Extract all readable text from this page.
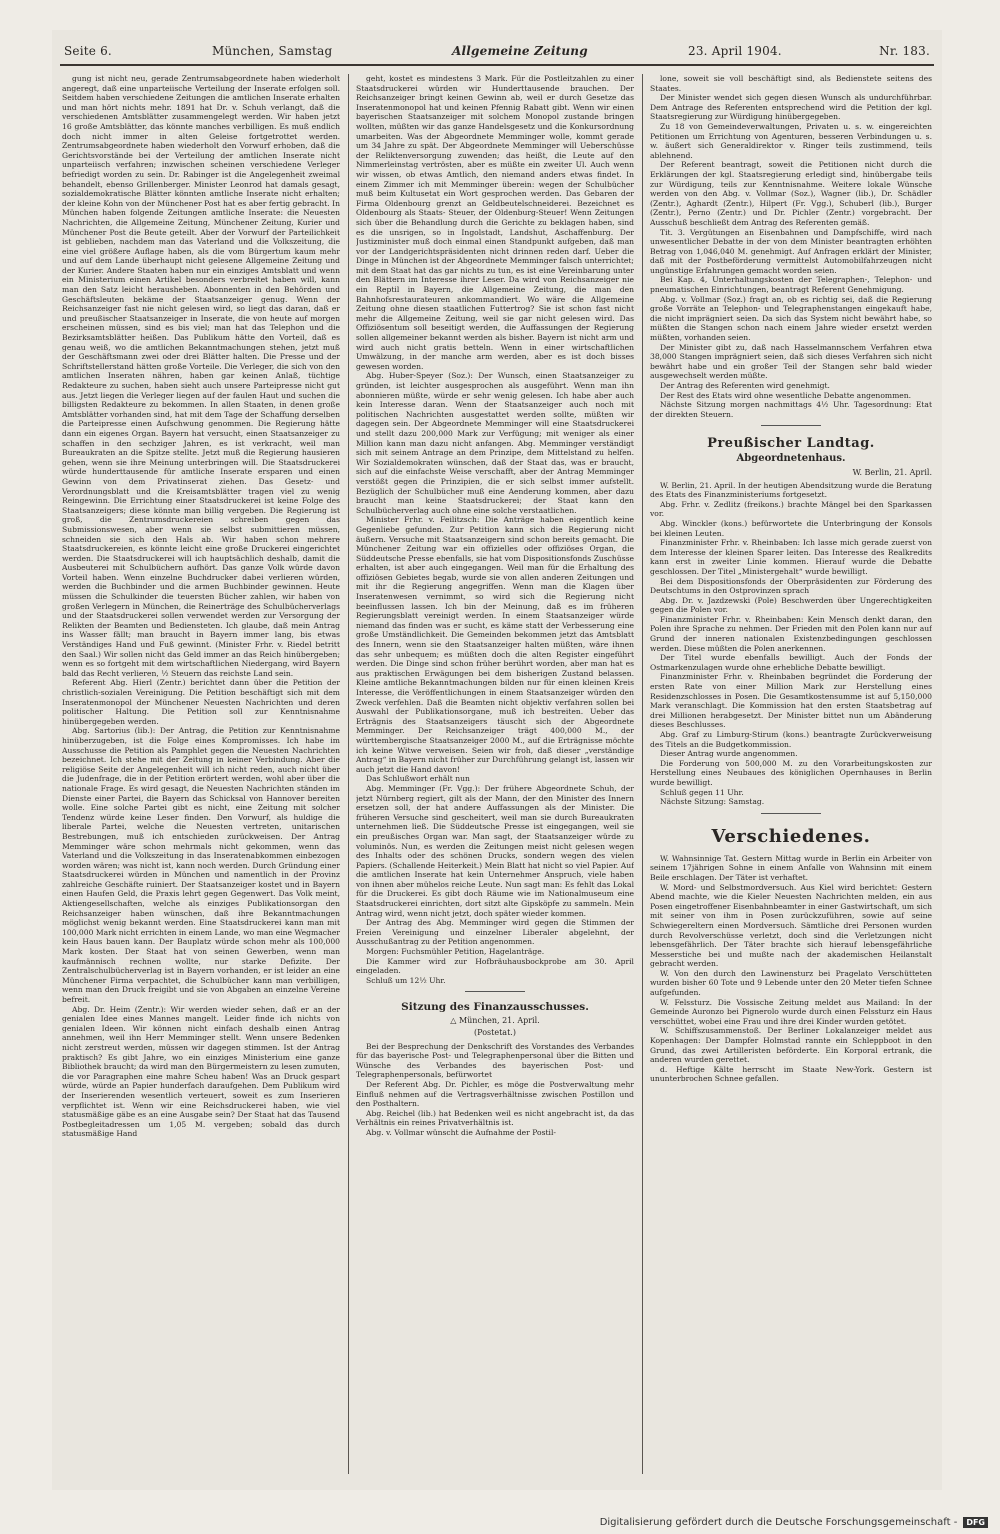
Seite 6.	München, Samstag	Allgemeine Zeitung	23. April 1904.	Nr. 183.

gung ist nicht neu, gerade Zentrumsabgeordnete haben wiederholt angeregt, daß eine unparteiische Verteilung der Inserate erfolgen soll. Seitdem haben verschiedene Zeitungen die amtlichen Inserate erhalten und man hört nichts mehr. 1891 hat Dr. v. Schuh verlangt, daß die verschiedenen Amtsblätter zusammengelegt werden. Wir haben jetzt 16 große Amtsblätter, das könnte manches verbilligen. Es muß endlich doch nicht immer in alten Geleise fortgetrottet werden. Zentrumsabgeordnete haben wiederholt den Vorwurf erhoben, daß die Gerichtsvorstände bei der Verteilung der amtlichen Inserate nicht unparteiisch verfahren; inzwischen scheinen verschiedene Verleger befriedigt worden zu sein. Dr. Rabinger ist die Angelegenheit zweimal behandelt, ebenso Grillenberger. Minister Leonrod hat damals gesagt, sozialdemokratische Blätter könnten amtliche Inserate nicht erhalten; der kleine Kohn von der Münchener Post hat es aber fertig gebracht. In München haben folgende Zeitungen amtliche Inserate: die Neuesten Nachrichten, die Allgemeine Zeitung, Münchener Zeitung, Kurier und Münchener Post die Beute geteilt. Aber der Vorwurf der Parteilichkeit ist geblieben, nachdem man das Vaterland und die Volkszeitung, die eine viel größere Auflage haben, als die vom Bürgertum kaum mehr und auf dem Lande überhaupt nicht gelesene Allgemeine Zeitung und der Kurier. Andere Staaten haben nur ein einziges Amtsblatt und wenn ein Ministerium einen Artikel besonders verbreitet haben will, kann man den Satz leicht herausheben. Abonnenten in den Behörden und Geschäftsleuten bekäme der Staatsanzeiger genug. Wenn der Reichsanzeiger fast nie nicht gelesen wird, so liegt das daran, daß er und preußischer Staatsanzeiger in Inserate, die von heute auf morgen erscheinen müssen, sind es bis viel; man hat das Telephon und die Bezirksamtsblätter heißen. Das Publikum hätte den Vorteil, daß es genau weiß, wo die amtlichen Bekanntmachungen stehen, jetzt muß der Geschäftsmann zwei oder drei Blätter halten. Die Presse und der Schriftstellerstand hätten große Vorteile. Die Verleger, die sich von den amtlichen Inseraten nähren, haben gar keinen Anlaß, tüchtige Redakteure zu suchen, haben sieht auch unsere Parteipresse nicht gut aus. Jetzt liegen die Verleger liegen auf der faulen Haut und suchen die billigsten Redakteure zu bekommen. In allen Staaten, in denen große Amtsblätter vorhanden sind, hat mit dem Tage der Schaffung derselben die Parteipresse einen Aufschwung genommen. Die Regierung hätte dann ein eigenes Organ. Bayern hat versucht, einen Staatsanzeiger zu schaffen in den sechziger Jahren, es ist verkracht, weil man Bureaukraten an die Spitze stellte. Jetzt muß die Regierung hausieren gehen, wenn sie ihre Meinung unterbringen will. Die Staatsdruckerei würde hunderttausende für amtliche Inserate ersparen und einen Gewinn von dem Privatinserat ziehen. Das Gesetz- und Verordnungsblatt und die Kreisamtsblätter tragen viel zu wenig Reingewinn. Die Errichtung einer Staatsdruckerei ist keine Folge des Staatsanzeigers; diese könnte man billig vergeben. Die Regierung ist groß, die Zentrumsdruckereien schreiben gegen das Submissionswesen, aber wenn sie selbst submittieren müssen, schneiden sie sich den Hals ab. Wir haben schon mehrere Staatsdruckereien, es könnte leicht eine große Druckerei eingerichtet werden. Die Staatsdruckerei will ich hauptsächlich deshalb, damit die Ausbeuterei mit Schulbüchern aufhört. Das ganze Volk würde davon Vorteil haben. Wenn einzelne Buchdrucker dabei verlieren würden, werden die Buchbinder und die armen Buchbinder gewinnen. Heute müssen die Schulkinder die teuersten Bücher zahlen, wir haben von großen Verlegern in München, die Reinerträge des Schulbücherverlags und der Staatsdruckerei sollen verwendet werden zur Versorgung der Relikten der Beamten und Bediensteten. Ich glaube, daß mein Antrag ins Wasser fällt; man braucht in Bayern immer lang, bis etwas Verständiges Hand und Fuß gewinnt. (Minister Frhr. v. Riedel betritt den Saal.) Wir sollen nicht das Geld immer an das Reich hinübergeben; wenn es so fortgeht mit dem wirtschaftlichen Niedergang, wird Bayern bald das Recht verlieren, ½ Steuern das reichste Land sein.

Referent Abg. Hierl (Zentr.) berichtet dann über die Petition der christlich-sozialen Vereinigung. Die Petition beschäftigt sich mit dem Inseratenmonopol der Münchener Neuesten Nachrichten und deren politischer Haltung. Die Petition soll zur Kenntnisnahme hinübergegeben werden.

Abg. Sartorius (lib.): Der Antrag, die Petition zur Kenntnisnahme hinüberzugeben, ist die Folge eines Kompromisses. Ich habe im Ausschusse die Petition als Pamphlet gegen die Neuesten Nachrichten bezeichnet. Ich stehe mit der Zeitung in keiner Verbindung. Aber die religiöse Seite der Angelegenheit will ich nicht reden, auch nicht über die Judenfrage, die in der Petition erörtert werden, wohl aber über die nationale Frage. Es wird gesagt, die Neuesten Nachrichten ständen im Dienste einer Partei, die Bayern das Schicksal von Hannover bereiten wolle. Eine solche Partei gibt es nicht, eine Zeitung mit solcher Tendenz würde keine Leser finden. Den Vorwurf, als huldige die liberale Partei, welche die Neuesten vertreten, unitarischen Bestrebungen, muß ich entschieden zurückweisen. Der Antrag Memminger wäre schon mehrmals nicht gekommen, wenn das Vaterland und die Volkszeitung in das Inseratenabkommen einbezogen worden wären; was nicht ist, kann noch werden. Durch Gründung einer Staatsdruckerei würden in München und namentlich in der Provinz zahlreiche Geschäfte ruiniert. Der Staatsanzeiger kostet und in Bayern einen Haufen Geld, die Praxis lehrt gegen Gegenwert. Das Volk meint, Aktiengesellschaften, welche als einziges Publikationsorgan den Reichsanzeiger haben wünschen, daß ihre Bekanntmachungen möglichst wenig bekannt werden. Eine Staatsdruckerei kann man mit 100,000 Mark nicht errichten in einem Lande, wo man eine Wegmacher kein Haus bauen kann. Der Bauplatz würde schon mehr als 100,000 Mark kosten. Der Staat hat von seinen Gewerben, wenn man kaufmännisch rechnen wollte, nur starke Defizite. Der Zentralschulbücherverlag ist in Bayern vorhanden, er ist leider an eine Münchener Firma verpachtet, die Schulbücher kann man verbilligen, wenn man den Druck freigibt und sie von Abgaben an einzelne Vereine befreit.

Abg. Dr. Heim (Zentr.): Wir werden wieder sehen, daß er an der genialen Idee eines Mannes mangelt. Leider finde ich nichts von genialen Ideen. Wir können nicht einfach deshalb einen Antrag annehmen, weil ihn Herr Memminger stellt. Wenn unsere Bedenken nicht zerstreut werden, müssen wir dagegen stimmen. Ist der Antrag praktisch? Es gibt Jahre, wo ein einziges Ministerium eine ganze Bibliothek braucht; da wird man den Bürgermeistern zu lesen zumuten, die vor Paragraphen eine mahre Scheu haben! Was an Druck gespart würde, würde an Papier hunderfach daraufgehen. Dem Publikum wird der Inserierenden wesentlich verteuert, soweit es zum Inserieren verpflichtet ist. Wenn wir eine Reichsdruckerei haben, wie viel statusmäßige gäbe es an eine Ausgabe sein? Der Staat hat das Tausend Postbegleitadressen um 1,05 M. vergeben; sobald das durch statusmäßige Hand

geht, kostet es mindestens 3 Mark. Für die Postleitzahlen zu einer Staatsdruckerei würden wir Hunderttausende brauchen. Der Reichsanzeiger bringt keinen Gewinn ab, weil er durch Gesetze das Inseratenmonopol hat und keinen Pfennig Rabatt gibt. Wenn wir einen bayerischen Staatsanzeiger mit solchem Monopol zustande bringen wollten, müßten wir das ganze Handelsgesetz und die Konkursordnung umarbeiten. Was der Abgeordnete Memminger wolle, kommt gerade um 34 Jahre zu spät. Der Abgeordnete Memminger will Ueberschüsse der Reliktenversorgung zuwenden; das heißt, die Leute auf den Nimmerleinstag vertrösten, aber es müßte ein zweiter Ul. Auch wenn wir wissen, ob etwas Amtlich, den niemand anders etwas findet. In einem Zimmer ich mit Memminger überein: wegen der Schulbücher muß beim Kultusetat ein Wort gesprochen werden. Das Gebaren der Firma Oldenbourg grenzt an Geldbeutelschneiderei. Bezeichnet es Oldenbourg als Staats- Steuer, der Oldenburg-Steuer! Wenn Zeitungen sich über die Behandlung durch die Gerichte zu beklagen haben, sind es die unsrigen, so in Ingolstadt, Landshut, Aschaffenburg. Der Justizminister muß doch einmal einen Standpunkt aufgeben, daß man vor der Landgerichtspräsidenten nicht drinnen reden darf. Ueber die Dinge in München ist der Abgeordnete Memminger falsch unterrichtet; mit dem Staat hat das gar nichts zu tun, es ist eine Vereinbarung unter den Blättern im Interesse ihrer Leser. Da wird von Reichsanzeiger nie ein Reptil in Bayern, die Allgemeine Zeitung, die man den Bahnhofsrestaurateuren ankommandiert. Wo wäre die Allgemeine Zeitung ohne diesen staatlichen Futtertrog? Sie ist schon fast nicht mehr die Allgemeine Zeitung, weil sie gar nicht gelesen wird. Das Offiziösentum soll beseitigt werden, die Auffassungen der Regierung sollen allgemeiner bekannt werden als bisher. Bayern ist nicht arm und wird auch nicht gratis betteln. Wenn in einer wirtschaftlichen Umwälzung, in der manche arm werden, aber es ist doch bisses gewesen worden.

Abg. Huber-Speyer (Soz.): Der Wunsch, einen Staatsanzeiger zu gründen, ist leichter ausgesprochen als ausgeführt. Wenn man ihn abonnieren müßte, würde er sehr wenig gelesen. Ich habe aber auch kein Interesse daran. Wenn der Staatsanzeiger auch noch mit politischen Nachrichten ausgestattet werden sollte, müßten wir dagegen sein. Der Abgeordnete Memminger will eine Staatsdruckerei und stellt dazu 200,000 Mark zur Verfügung; mit weniger als einer Million kann man dazu nicht anfangen. Abg. Memminger verständigt sich mit seinem Antrage an dem Prinzipe, dem Mittelstand zu helfen. Wir Sozialdemokraten wünschen, daß der Staat das, was er braucht, sich auf die einfachste Weise verschafft, aber der Antrag Memminger verstößt gegen die Prinzipien, die er sich selbst immer aufstellt. Bezüglich der Schulbücher muß eine Aenderung kommen, aber dazu braucht man keine Staatsdruckerei; der Staat kann den Schulbücherverlag auch ohne eine solche verstaatlichen.

Minister Frhr. v. Feilitzsch: Die Anträge haben eigentlich keine Gegenliebe gefunden. Zur Petition kann sich die Regierung nicht äußern. Versuche mit Staatsanzeigern sind schon bereits gemacht. Die Münchener Zeitung war ein offizielles oder offiziöses Organ, die Süddeutsche Presse ebenfalls, sie hat vom Dispositionsfonds Zuschüsse erhalten, ist aber auch eingegangen. Weil man für die Erhaltung des offiziösen Gebietes begab, wurde sie von allen anderen Zeitungen und mit ihr die Regierung angegriffen. Wenn man die Klagen über Inseratenwesen vernimmt, so wird sich die Regierung nicht beeinflussen lassen. Ich bin der Meinung, daß es im früheren Regierungsblatt vereinigt werden. In einem Staatsanzeiger würde niemand das finden was er sucht, es käme statt der Verbesserung eine große Umständlichkeit. Die Gemeinden bekommen jetzt das Amtsblatt des Innern, wenn sie den Staatsanzeiger halten müßten, wäre ihnen das sehr unbequem; es müßten doch die alten Register eingeführt werden. Die Dinge sind schon früher berührt worden, aber man hat es aus praktischen Erwägungen bei dem bisherigen Zustand belassen. Kleine amtliche Bekanntmachungen bilden nur für einen kleinen Kreis Interesse, die Veröffentlichungen in einem Staatsanzeiger würden den Zweck verfehlen. Daß die Beamten nicht objektiv verfahren sollen bei Auswahl der Publikationsorgane, muß ich bestreiten. Ueber das Erträgnis des Staatsanzeigers täuscht sich der Abgeordnete Memminger. Der Reichsanzeiger trägt 400,000 M., der württembergische Staatsanzeiger 2000 M., auf die Erträgnisse möchte ich keine Witwe verweisen. Seien wir froh, daß dieser „verständige Antrag“ in Bayern nicht früher zur Durchführung gelangt ist, lassen wir auch jetzt die Hand davon!

Das Schlußwort erhält nun

Abg. Memminger (Fr. Vgg.): Der frühere Abgeordnete Schuh, der jetzt Nürnberg regiert, gilt als der Mann, der den Minister des Innern ersetzen soll, der hat andere Auffassungen als der Minister. Die früheren Versuche sind gescheitert, weil man sie durch Bureaukraten unternehmen ließ. Die Süddeutsche Presse ist eingegangen, weil sie ein preußisches Organ war. Man sagt, der Staatsanzeiger würde zu voluminös. Nun, es werden die Zeitungen meist nicht gelesen wegen des Inhalts oder des schönen Drucks, sondern wegen des vielen Papiers. (Schallende Heiterkeit.) Mein Blatt hat nicht so viel Papier. Auf die amtlichen Inserate hat kein Unternehmer Anspruch, viele haben von ihnen aber mühelos reiche Leute. Nun sagt man: Es fehlt das Lokal für die Druckerei. Es gibt doch Räume wie im Nationalmuseum eine Staatsdruckerei einrichten, dort sitzt alte Gipsköpfe zu sammeln. Mein Antrag wird, wenn nicht jetzt, doch später wieder kommen.

Der Antrag des Abg. Memminger wird gegen die Stimmen der Freien Vereinigung und einzelner Liberaler abgelehnt, der Ausschußantrag zu der Petition angenommen.

Morgen: Fuchsmühler Petition, Hagelanträge.

Die Kammer wird zur Hofbräuhausbockprobe am 30. April eingeladen.

Schluß um 12½ Uhr.

Sitzung des Finanzausschusses.
△ München, 21. April.
(Postetat.)

Bei der Besprechung der Denkschrift des Vorstandes des Verbandes für das bayerische Post- und Telegraphenpersonal über die Bitten und Wünsche des Verbandes des bayerischen Post- und Telegraphenpersonals, befürwortet

Der Referent Abg. Dr. Pichler, es möge die Postverwaltung mehr Einfluß nehmen auf die Vertragsverhältnisse zwischen Postillon und den Posthaltern.

Abg. Reichel (lib.) hat Bedenken weil es nicht angebracht ist, da das Verhältnis ein reines Privatverhältnis ist.

Abg. v. Vollmar wünscht die Aufnahme der Postil-

lone, soweit sie voll beschäftigt sind, als Bedienstete seitens des Staates.

Der Minister wendet sich gegen diesen Wunsch als undurchführbar. Dem Antrage des Referenten entsprechend wird die Petition der kgl. Staatsregierung zur Würdigung hinübergegeben.

Zu 18 von Gemeindeverwaltungen, Privaten u. s. w. eingereichten Petitionen um Errichtung von Agenturen, besseren Verbindungen u. s. w. äußert sich Generaldirektor v. Ringer teils zustimmend, teils ablehnend.

Der Referent beantragt, soweit die Petitionen nicht durch die Erklärungen der kgl. Staatsregierung erledigt sind, hinübergabe teils zur Würdigung, teils zur Kenntnisnahme. Weitere lokale Wünsche werden von den Abg. v. Vollmar (Soz.), Wagner (lib.), Dr. Schädler (Zentr.), Aghardt (Zentr.), Hilpert (Fr. Vgg.), Schuberl (lib.), Burger (Zentr.), Perno (Zentr.) und Dr. Pichler (Zentr.) vorgebracht. Der Ausschuß beschließt dem Antrag des Referenten gemäß.

Tit. 3. Vergütungen an Eisenbahnen und Dampfschiffe, wird nach unwesentlicher Debatte in der von dem Minister beantragten erhöhten Betrag von 1,046,040 M. genehmigt. Auf Anfragen erklärt der Minister, daß mit der Postbeförderung vermittelst Automobilfahrzeugen nicht ungünstige Erfahrungen gemacht worden seien.

Bei Kap. 4, Unterhaltungskosten der Telegraphen-, Telephon- und pneumatischen Einrichtungen, beantragt Referent Genehmigung.

Abg. v. Vollmar (Soz.) fragt an, ob es richtig sei, daß die Regierung große Vorräte an Telephon- und Telegraphenstangen eingekauft habe, die nicht imprägniert seien. Da sich das System nicht bewährt habe, so müßten die Stangen schon nach einem Jahre wieder ersetzt werden müßten, vorhanden seien.

Der Minister gibt zu, daß nach Hasselmannschem Verfahren etwa 38,000 Stangen imprägniert seien, daß sich dieses Verfahren sich nicht bewährt habe und ein großer Teil der Stangen sehr bald wieder ausgewechselt werden müßte.

Der Antrag des Referenten wird genehmigt.

Der Rest des Etats wird ohne wesentliche Debatte angenommen.

Nächste Sitzung morgen nachmittags 4½ Uhr. Tagesordnung: Etat der direkten Steuern.

Preußischer Landtag.
Abgeordnetenhaus.
W. Berlin, 21. April.

W. Berlin, 21. April. In der heutigen Abendsitzung wurde die Beratung des Etats des Finanzministeriums fortgesetzt.

Abg. Frhr. v. Zedlitz (freikons.) brachte Mängel bei den Sparkassen vor.

Abg. Winckler (kons.) befürwortete die Unterbringung der Konsols bei kleinen Leuten.

Finanzminister Frhr. v. Rheinbaben: Ich lasse mich gerade zuerst von dem Interesse der kleinen Sparer leiten. Das Interesse des Realkredits kann erst in zweiter Linie kommen. Hierauf wurde die Debatte geschlossen. Der Titel „Ministergehalt“ wurde bewilligt.

Bei dem Dispositionsfonds der Oberpräsidenten zur Förderung des Deutschtums in den Ostprovinzen sprach

Abg. Dr. v. Jazdzewski (Pole) Beschwerden über Ungerechtigkeiten gegen die Polen vor.

Finanzminister Frhr. v. Rheinbaben: Kein Mensch denkt daran, den Polen ihre Sprache zu nehmen. Der Frieden mit den Polen kann nur auf Grund der inneren nationalen Existenzbedingungen geschlossen werden. Diese müßten die Polen anerkennen.

Der Titel wurde ebenfalls bewilligt. Auch der Fonds der Ostmarkenzulagen wurde ohne erhebliche Debatte bewilligt.

Finanzminister Frhr. v. Rheinbaben begründet die Forderung der ersten Rate von einer Million Mark zur Herstellung eines Residenzschlosses in Posen. Die Gesamtkostensumme ist auf 5,150,000 Mark veranschlagt. Die Kommission hat den ersten Staatsbetrag auf drei Millionen herabgesetzt. Der Minister bittet nun um Abänderung dieses Beschlusses.

Abg. Graf zu Limburg-Stirum (kons.) beantragte Zurückverweisung des Titels an die Budgetkommission.

Dieser Antrag wurde angenommen.

Die Forderung von 500,000 M. zu den Vorarbeitungskosten zur Herstellung eines Neubaues des königlichen Opernhauses in Berlin wurde bewilligt.

Schluß gegen 11 Uhr.

Nächste Sitzung: Samstag.

Verschiedenes.

W. Wahnsinnige Tat. Gestern Mittag wurde in Berlin ein Arbeiter von seinem 17jährigen Sohne in einem Anfalle von Wahnsinn mit einem Beile erschlagen. Der Täter ist verhaftet.

W. Mord- und Selbstmordversuch. Aus Kiel wird berichtet: Gestern Abend machte, wie die Kieler Neuesten Nachrichten melden, ein aus Posen eingetroffener Eisenbahnbeamter in einer Gastwirtschaft, um sich mit seiner von ihm in Posen zurückzuführen, sowie auf seine Schwiegereltern einen Mordversuch. Sämtliche drei Personen wurden durch Revolverschüsse verletzt, doch sind die Verletzungen nicht lebensgefährlich. Der Täter brachte sich hierauf lebensgefährliche Messerstiche bei und mußte nach der akademischen Heilanstalt gebracht werden.

W. Von den durch den Lawinensturz bei Pragelato Verschütteten wurden bisher 60 Tote und 9 Lebende unter den 20 Meter tiefen Schnee aufgefunden.

W. Felssturz. Die Vossische Zeitung meldet aus Mailand: In der Gemeinde Auronzo bei Pignerolo wurde durch einen Felssturz ein Haus verschüttet, wobei eine Frau und ihre drei Kinder wurden getötet.

W. Schiffszusammenstoß. Der Berliner Lokalanzeiger meldet aus Kopenhagen: Der Dampfer Holmstad rannte ein Schleppboot in den Grund, das zwei Artilleristen beförderte. Ein Korporal ertrank, die anderen wurden gerettet.

d. Heftige Kälte herrscht im Staate New-York. Gestern ist ununterbrochen Schnee gefallen.

Digitalisierung gefördert durch die Deutsche Forschungsgemeinschaft -	DFG
